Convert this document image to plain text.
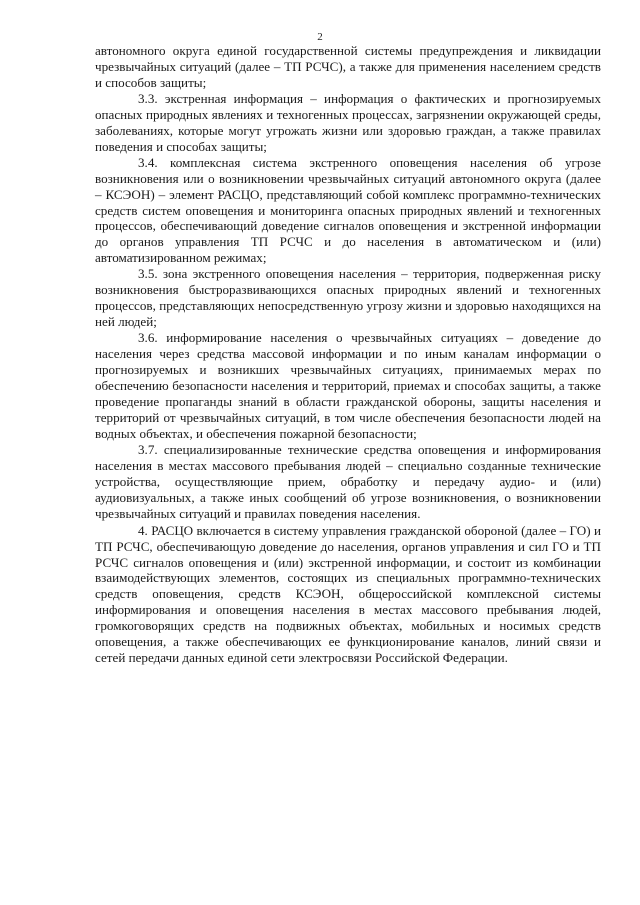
2

автономного округа единой государственной системы предупреждения и ликвидации чрезвычайных ситуаций (далее – ТП РСЧС), а также для применения населением средств и способов защиты;

3.3. экстренная информация – информация о фактических и прогнозируемых опасных природных явлениях и техногенных процессах, загрязнении окружающей среды, заболеваниях, которые могут угрожать жизни или здоровью граждан, а также правилах поведения и способах защиты;

3.4. комплексная система экстренного оповещения населения об угрозе возникновения или о возникновении чрезвычайных ситуаций автономного округа (далее – КСЭОН) – элемент РАСЦО, представляющий собой комплекс программно-технических средств систем оповещения и мониторинга опасных природных явлений и техногенных процессов, обеспечивающий доведение сигналов оповещения и экстренной информации до органов управления ТП РСЧС и до населения в автоматическом и (или) автоматизированном режимах;

3.5. зона экстренного оповещения населения – территория, подверженная риску возникновения быстроразвивающихся опасных природных явлений и техногенных процессов, представляющих непосредственную угрозу жизни и здоровью находящихся на ней людей;

3.6. информирование населения о чрезвычайных ситуациях – доведение до населения через средства массовой информации и по иным каналам информации о прогнозируемых и возникших чрезвычайных ситуациях, принимаемых мерах по обеспечению безопасности населения и территорий, приемах и способах защиты, а также проведение пропаганды знаний в области гражданской обороны, защиты населения и территорий от чрезвычайных ситуаций, в том числе обеспечения безопасности людей на водных объектах, и обеспечения пожарной безопасности;

3.7. специализированные технические средства оповещения и информирования населения в местах массового пребывания людей – специально созданные технические устройства, осуществляющие прием, обработку и передачу аудио- и (или) аудиовизуальных, а также иных сообщений об угрозе возникновения, о возникновении чрезвычайных ситуаций и правилах поведения населения.

4. РАСЦО включается в систему управления гражданской обороной (далее – ГО) и ТП РСЧС, обеспечивающую доведение до населения, органов управления и сил ГО и ТП РСЧС сигналов оповещения и (или) экстренной информации, и состоит из комбинации взаимодействующих элементов, состоящих из специальных программно-технических средств оповещения, средств КСЭОН, общероссийской комплексной системы информирования и оповещения населения в местах массового пребывания людей, громкоговорящих средств на подвижных объектах, мобильных и носимых средств оповещения, а также обеспечивающих ее функционирование каналов, линий связи и сетей передачи данных единой сети электросвязи Российской Федерации.
